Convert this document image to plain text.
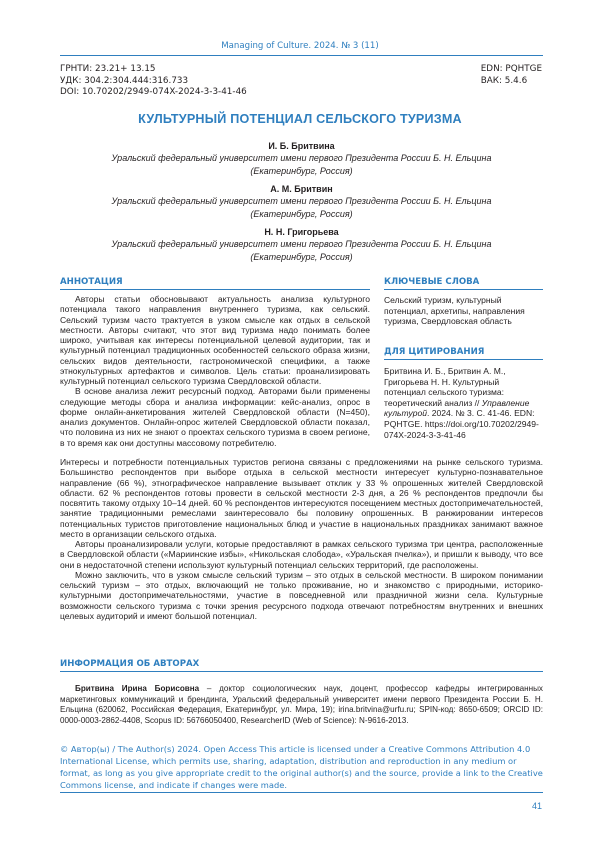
Managing of Culture. 2024. № 3 (11)
ГРНТИ: 23.21+ 13.15
УДК: 304.2:304.444:316.733
DOI: 10.70202/2949-074X-2024-3-3-41-46
EDN: PQHTGE
ВАК: 5.4.6
КУЛЬТУРНЫЙ ПОТЕНЦИАЛ СЕЛЬСКОГО ТУРИЗМА
И. Б. Бритвина
Уральский федеральный университет имени первого Президента России Б. Н. Ельцина
(Екатеринбург, Россия)
А. М. Бритвин
Уральский федеральный университет имени первого Президента России Б. Н. Ельцина
(Екатеринбург, Россия)
Н. Н. Григорьева
Уральский федеральный университет имени первого Президента России Б. Н. Ельцина
(Екатеринбург, Россия)
АННОТАЦИЯ

Авторы статьи обосновывают актуальность анализа культурного потенциала такого направления внутреннего туризма, как сельский. Сельский туризм часто трактуется в узком смысле как отдых в сельской местности. Авторы считают, что этот вид туризма надо понимать более широко, учитывая как интересы потенциальной целевой аудитории, так и культурный потенциал традиционных особенностей сельского образа жизни, сельских видов деятельности, гастрономической специфики, а также этнокультурных артефактов и символов. Цель статьи: проанализировать культурный потенциал сельского туризма Свердловской области.

В основе анализа лежит ресурсный подход. Авторами были применены следующие методы сбора и анализа информации: кейс-анализ, опрос в форме онлайн-анкетирования жителей Свердловской области (N=450), анализ документов. Онлайн-опрос жителей Свердловской области показал, что половина из них не знают о проектах сельского туризма в своем регионе, в то время как они доступны массовому потребителю.

Интересы и потребности потенциальных туристов региона связаны с предложениями на рынке сельского туризма. Большинство респондентов при выборе отдыха в сельской местности интересует культурно-познавательное направление (66 %), этнографическое направление вызывает отклик у 33 % опрошенных жителей Свердловской области. 62 % респондентов готовы провести в сельской местности 2-3 дня, а 26 % респондентов предпочли бы посвятить такому отдыху 10–14 дней. 60 % респондентов интересуются посещением местных достопримечательностей, занятие традиционными ремеслами заинтересовало бы половину опрошенных. В ранжировании интересов потенциальных туристов приготовление национальных блюд и участие в национальных праздниках занимают важное место в организации сельского отдыха.

Авторы проанализировали услуги, которые предоставляют в рамках сельского туризма три центра, расположенные в Свердловской области («Мариинские избы», «Никольская слобода», «Уральская пчелка»), и пришли к выводу, что все они в недостаточной степени используют культурный потенциал сельских территорий, где расположены.

Можно заключить, что в узком смысле сельский туризм – это отдых в сельской местности. В широком понимании сельский туризм – это отдых, включающий не только проживание, но и знакомство с природными, историко-культурными достопримечательностями, участие в повседневной или праздничной жизни села. Культурные возможности сельского туризма с точки зрения ресурсного подхода отвечают потребностям внутренних и внешних целевых аудиторий и имеют большой потенциал.

КЛЮЧЕВЫЕ СЛОВА
Сельский туризм, культурный потенциал, архетипы, направления туризма, Свердловская область
ДЛЯ ЦИТИРОВАНИЯ
Бритвина И. Б., Бритвин А. М., Григорьева Н. Н. Культурный потенциал сельского туризма: теоретический анализ // Управление культурой. 2024. № 3. С. 41-46. EDN: PQHTGE. https://doi.org/10.70202/2949-074X-2024-3-3-41-46
ИНФОРМАЦИЯ ОБ АВТОРАХ

Бритвина Ирина Борисовна – доктор социологических наук, доцент, профессор кафедры интегрированных маркетинговых коммуникаций и брендинга, Уральский федеральный университет имени первого Президента России Б. Н. Ельцина (620062, Российская Федерация, Екатеринбург, ул. Мира, 19); irina.britvina@urfu.ru; SPIN-код: 8650-6509; ORCID ID: 0000-0003-2862-4408, Scopus ID: 56766050400, ResearcherID (Web of Science): N-9616-2013.

© Автор(ы) / The Author(s) 2024. Open Access This article is licensed under a Creative Commons Attribution 4.0 International License, which permits use, sharing, adaptation, distribution and reproduction in any medium or format, as long as you give appropriate credit to the original author(s) and the source, provide a link to the Creative Commons license, and indicate if changes were made.
41
